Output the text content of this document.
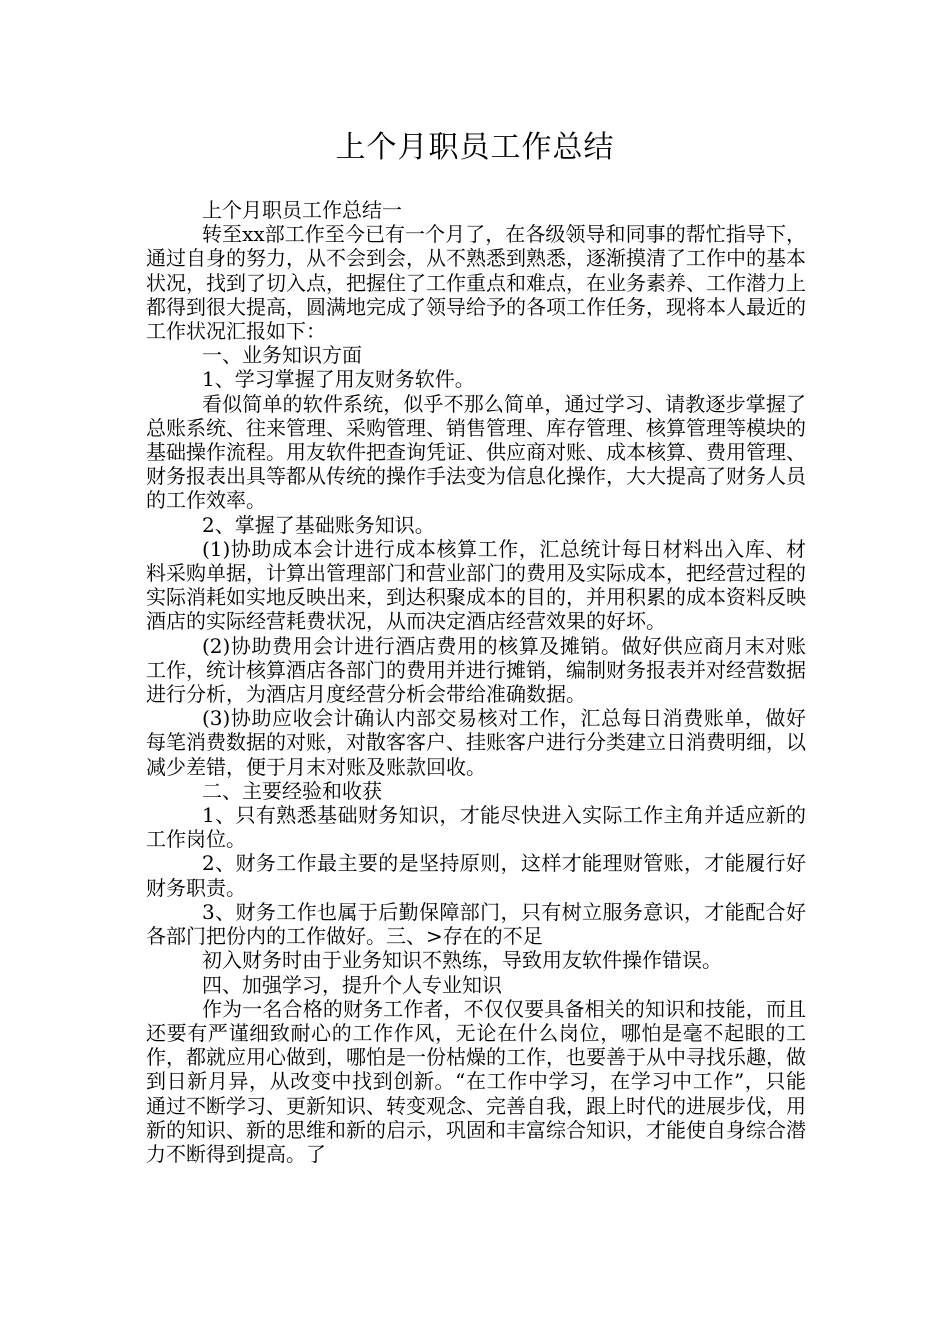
上个月职员工作总结

上个月职员工作总结一

转至xx部工作至今已有一个月了，在各级领导和同事的帮忙指导下，通过自身的努力，从不会到会，从不熟悉到熟悉，逐渐摸清了工作中的基本状况，找到了切入点，把握住了工作重点和难点，在业务素养、工作潜力上都得到很大提高，圆满地完成了领导给予的各项工作任务，现将本人最近的工作状况汇报如下：

一、业务知识方面

1、学习掌握了用友财务软件。

看似简单的软件系统，似乎不那么简单，通过学习、请教逐步掌握了总账系统、往来管理、采购管理、销售管理、库存管理、核算管理等模块的基础操作流程。用友软件把查询凭证、供应商对账、成本核算、费用管理、财务报表出具等都从传统的操作手法变为信息化操作，大大提高了财务人员的工作效率。

2、掌握了基础账务知识。

(1)协助成本会计进行成本核算工作，汇总统计每日材料出入库、材料采购单据，计算出管理部门和营业部门的费用及实际成本，把经营过程的实际消耗如实地反映出来，到达积聚成本的目的，并用积累的成本资料反映酒店的实际经营耗费状况，从而决定酒店经营效果的好坏。

(2)协助费用会计进行酒店费用的核算及摊销。做好供应商月末对账工作，统计核算酒店各部门的费用并进行摊销，编制财务报表并对经营数据进行分析，为酒店月度经营分析会带给准确数据。

(3)协助应收会计确认内部交易核对工作，汇总每日消费账单，做好每笔消费数据的对账，对散客客户、挂账客户进行分类建立日消费明细，以减少差错，便于月末对账及账款回收。

二、主要经验和收获

1、只有熟悉基础财务知识，才能尽快进入实际工作主角并适应新的工作岗位。

2、财务工作最主要的是坚持原则，这样才能理财管账，才能履行好财务职责。

3、财务工作也属于后勤保障部门，只有树立服务意识，才能配合好各部门把份内的工作做好。三、>存在的不足

初入财务时由于业务知识不熟练，导致用友软件操作错误。

四、加强学习，提升个人专业知识

作为一名合格的财务工作者，不仅仅要具备相关的知识和技能，而且还要有严谨细致耐心的工作作风，无论在什么岗位，哪怕是毫不起眼的工作，都就应用心做到，哪怕是一份枯燥的工作，也要善于从中寻找乐趣，做到日新月异，从改变中找到创新。“在工作中学习，在学习中工作”，只能通过不断学习、更新知识、转变观念、完善自我，跟上时代的进展步伐，用新的知识、新的思维和新的启示，巩固和丰富综合知识，才能使自身综合潜力不断得到提高。了
